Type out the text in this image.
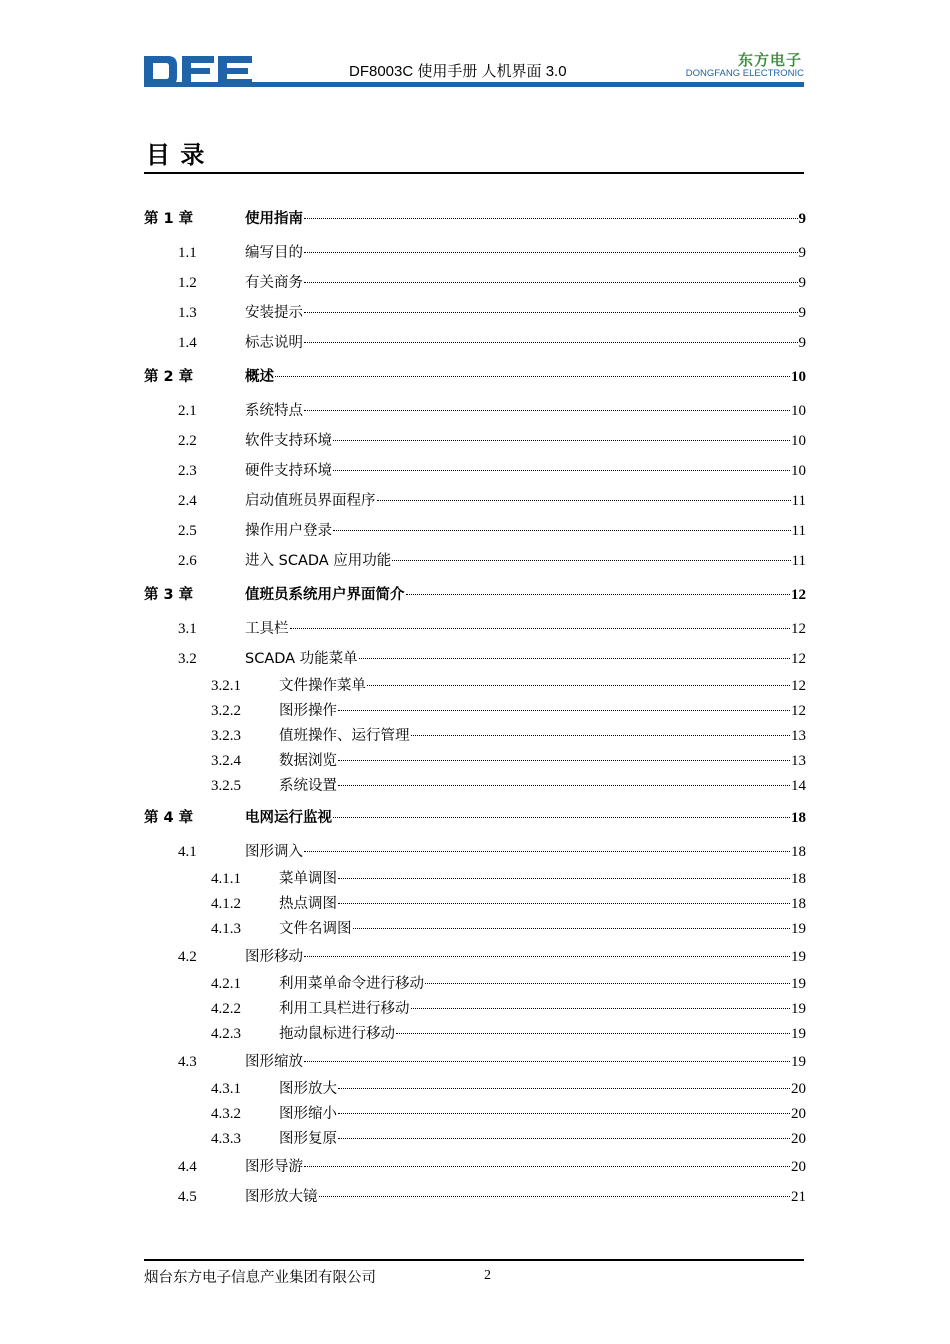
DF8003C 使用手册 人机界面 3.0
东方电子
DONGFANG ELECTRONIC
目 录
第 1 章	使用指南	9
1.1	编写目的	9
1.2	有关商务	9
1.3	安装提示	9
1.4	标志说明	9
第 2 章	概述	10
2.1	系统特点	10
2.2	软件支持环境	10
2.3	硬件支持环境	10
2.4	启动值班员界面程序	11
2.5	操作用户登录	11
2.6	进入 SCADA 应用功能	11
第 3 章	值班员系统用户界面简介	12
3.1	工具栏	12
3.2	SCADA 功能菜单	12
3.2.1	文件操作菜单	12
3.2.2	图形操作	12
3.2.3	值班操作、运行管理	13
3.2.4	数据浏览	13
3.2.5	系统设置	14
第 4 章	电网运行监视	18
4.1	图形调入	18
4.1.1	菜单调图	18
4.1.2	热点调图	18
4.1.3	文件名调图	19
4.2	图形移动	19
4.2.1	利用菜单命令进行移动	19
4.2.2	利用工具栏进行移动	19
4.2.3	拖动鼠标进行移动	19
4.3	图形缩放	19
4.3.1	图形放大	20
4.3.2	图形缩小	20
4.3.3	图形复原	20
4.4	图形导游	20
4.5	图形放大镜	21
烟台东方电子信息产业集团有限公司	2
